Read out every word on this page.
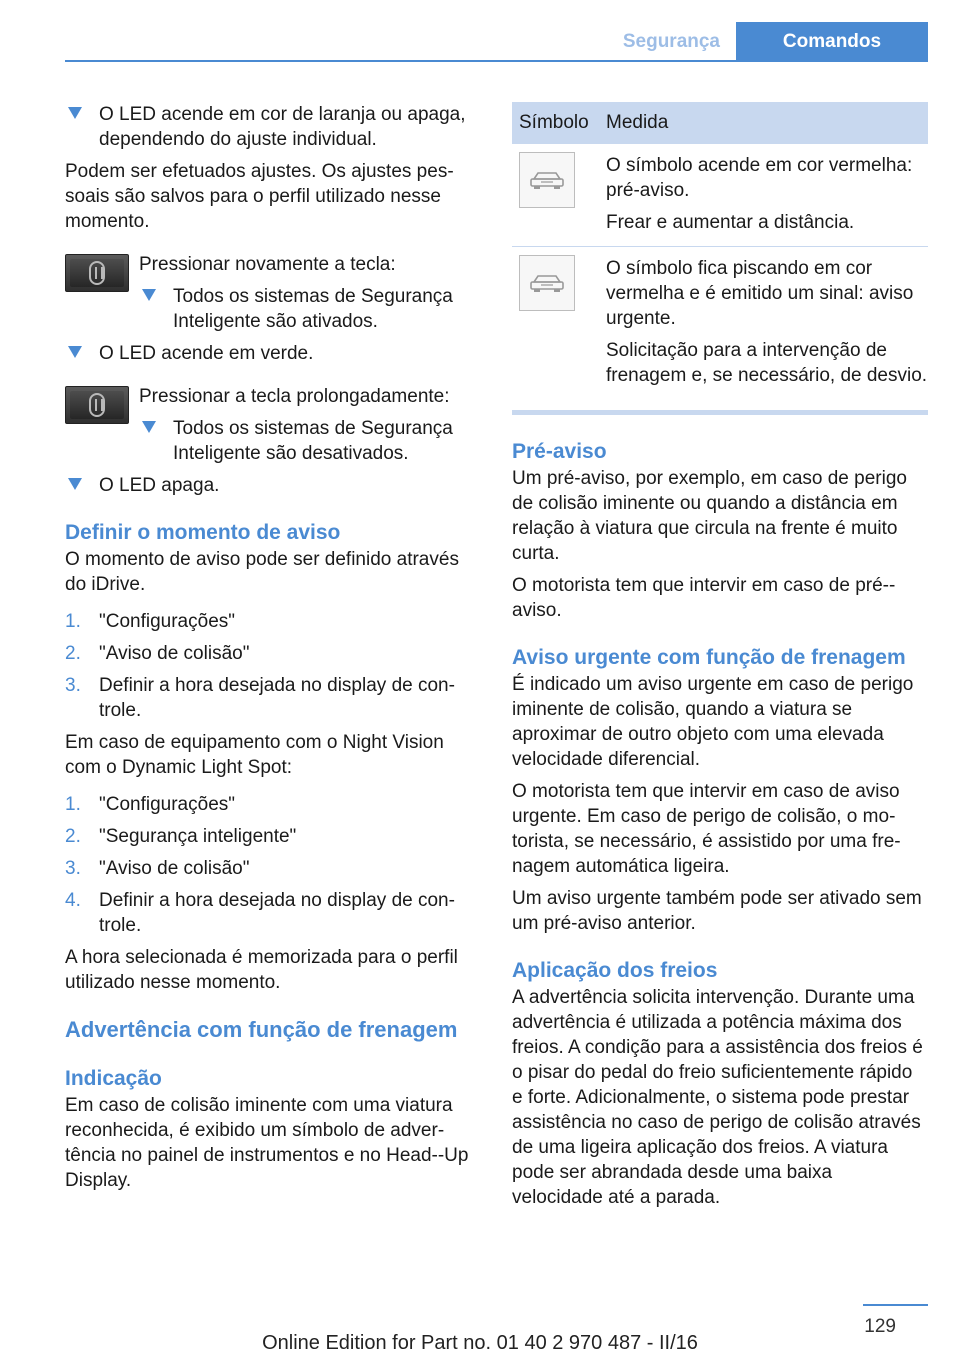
Segurança	Comandos
O LED acende em cor de laranja ou apaga, dependendo do ajuste individual.

Podem ser efetuados ajustes. Os ajustes pessoais são salvos para o perfil utilizado nesse momento.

Pressionar novamente a tecla:

Todos os sistemas de Segurança Inteligente são ativados.
O LED acende em verde.

Pressionar a tecla prolongadamente:

Todos os sistemas de Segurança Inteligente são desativados.
O LED apaga.
Definir o momento de aviso

O momento de aviso pode ser definido através do iDrive.

1. "Configurações"
2. "Aviso de colisão"
3. Definir a hora desejada no display de controle.

Em caso de equipamento com o Night Vision com o Dynamic Light Spot:

1. "Configurações"
2. "Segurança inteligente"
3. "Aviso de colisão"
4. Definir a hora desejada no display de controle.

A hora selecionada é memorizada para o perfil utilizado nesse momento.

Advertência com função de frenagem
Indicação

Em caso de colisão iminente com uma viatura reconhecida, é exibido um símbolo de advertência no painel de instrumentos e no Head--Up Display.

Símbolo Medida

O símbolo acende em cor vermelha: pré-aviso.

Frear e aumentar a distância.

O símbolo fica piscando em cor vermelha e é emitido um sinal: aviso urgente.

Solicitação para a intervenção de frenagem e, se necessário, de desvio.

Pré-aviso

Um pré-aviso, por exemplo, em caso de perigo de colisão iminente ou quando a distância em relação à viatura que circula na frente é muito curta.

O motorista tem que intervir em caso de pré--aviso.

Aviso urgente com função de frenagem

É indicado um aviso urgente em caso de perigo iminente de colisão, quando a viatura se aproximar de outro objeto com uma elevada velocidade diferencial.

O motorista tem que intervir em caso de aviso urgente. Em caso de perigo de colisão, o motorista, se necessário, é assistido por uma frenagem automática ligeira.

Um aviso urgente também pode ser ativado sem um pré-aviso anterior.

Aplicação dos freios

A advertência solicita intervenção. Durante uma advertência é utilizada a potência máxima dos freios. A condição para a assistência dos freios é o pisar do pedal do freio suficientemente rápido e forte. Adicionalmente, o sistema pode prestar assistência no caso de perigo de colisão através de uma ligeira aplicação dos freios. A viatura pode ser abrandada desde uma baixa velocidade até a parada.

129
Online Edition for Part no. 01 40 2 970 487 - II/16
